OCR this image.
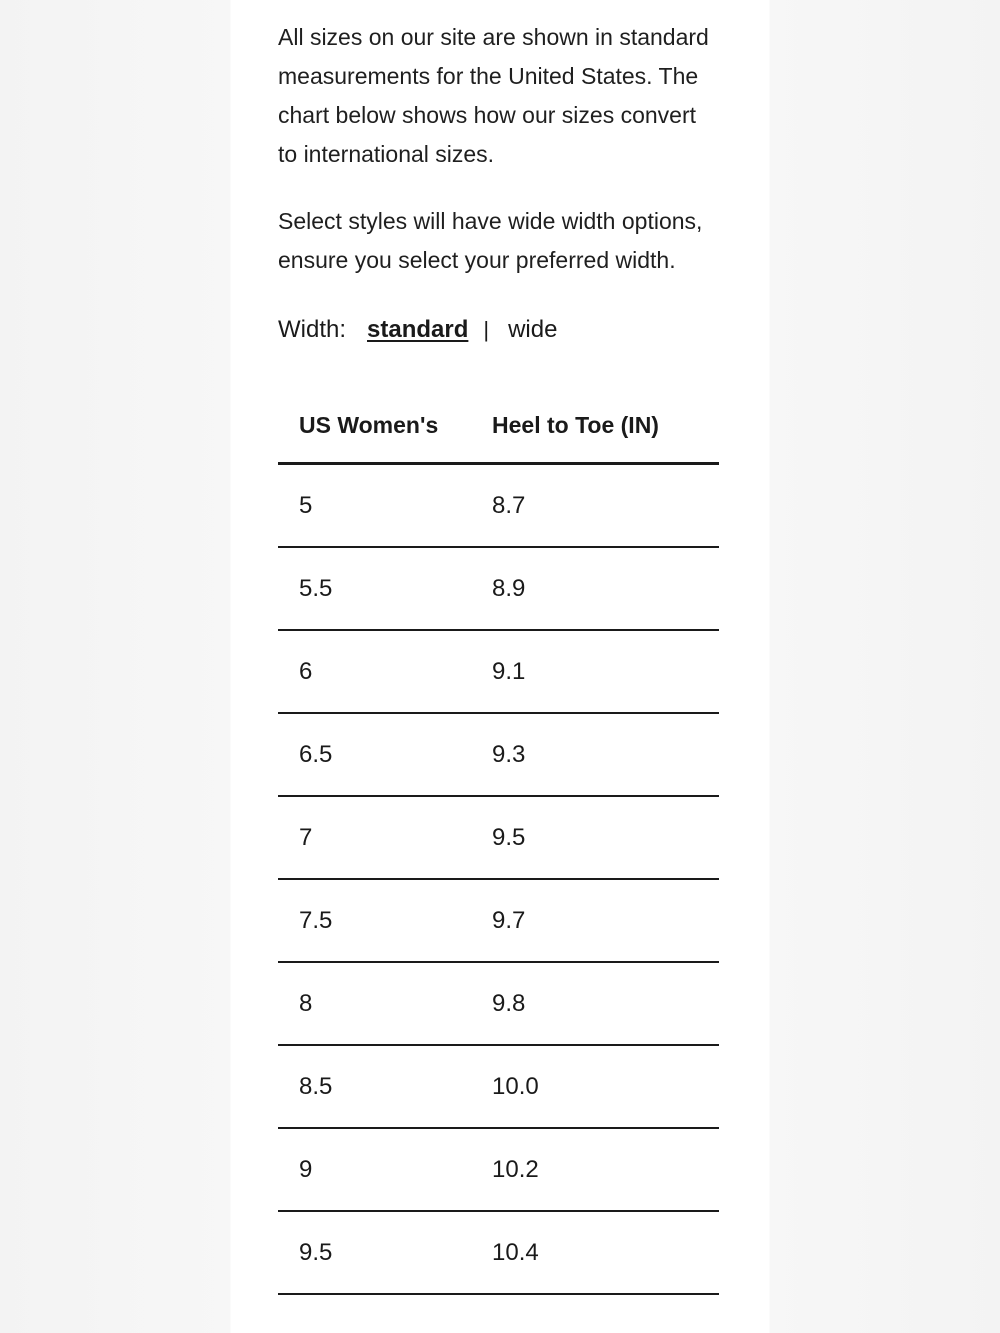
All sizes on our site are shown in standard measurements for the United States. The chart below shows how our sizes convert to international sizes.

Select styles will have wide width options, ensure you select your preferred width.

Width: standard | wide
US Women's	Heel to Toe (IN)
5	8.7
5.5	8.9
6	9.1
6.5	9.3
7	9.5
7.5	9.7
8	9.8
8.5	10.0
9	10.2
9.5	10.4
